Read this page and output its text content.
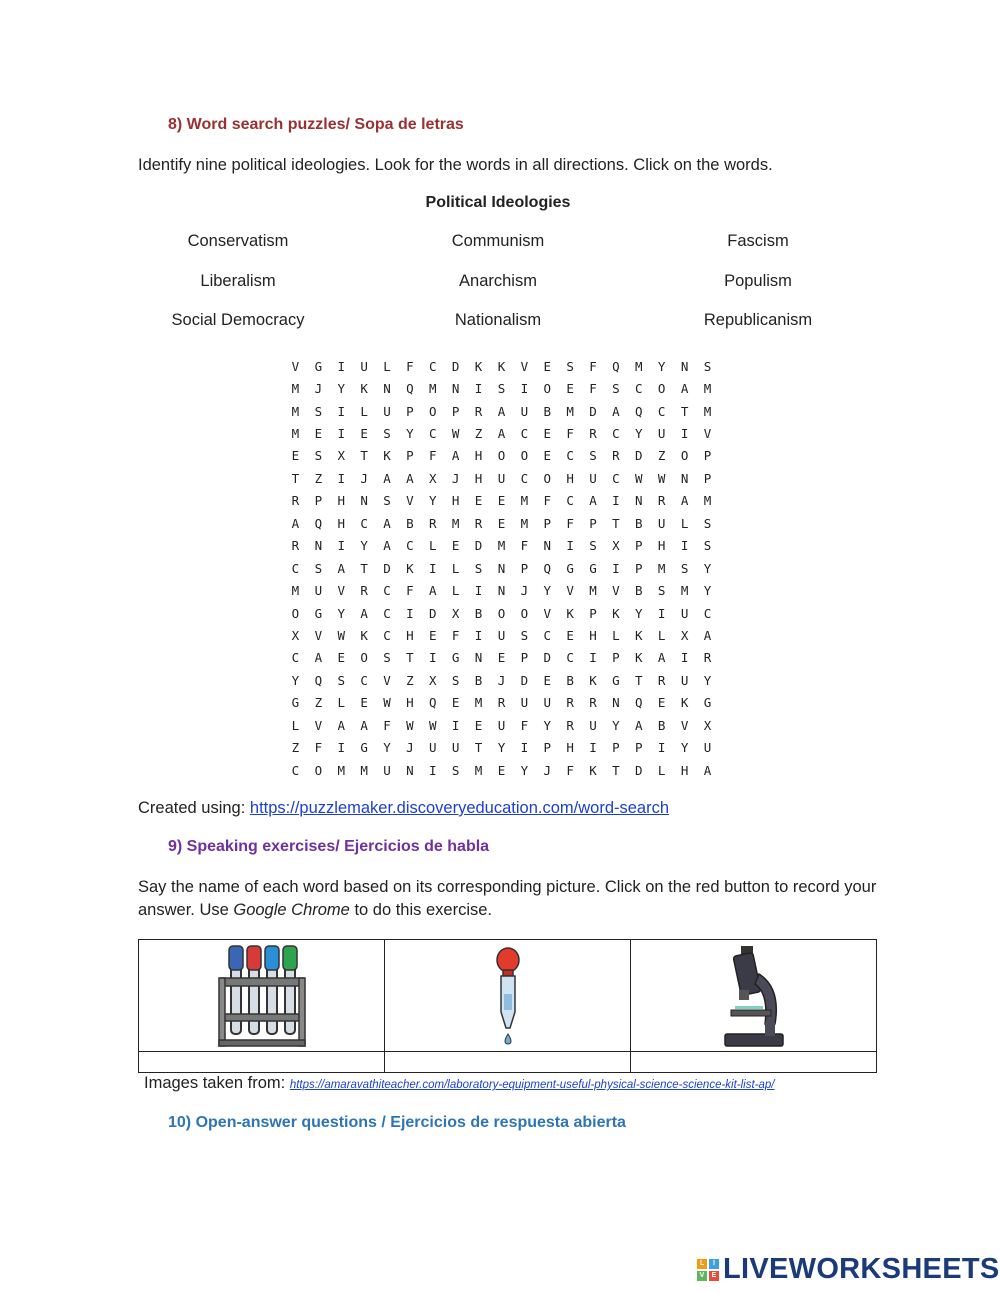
8) Word search puzzles/ Sopa de letras
Identify nine political ideologies. Look for the words in all directions. Click on the words.
Political Ideologies
Conservatism	Communism	Fascism
Liberalism	Anarchism	Populism
Social Democracy	Nationalism	Republicanism
V	G	I	U	L	F	C	D	K	K	V	E	S	F	Q	M	Y	N	S
M	J	Y	K	N	Q	M	N	I	S	I	O	E	F	S	C	O	A	M
M	S	I	L	U	P	O	P	R	A	U	B	M	D	A	Q	C	T	M
M	E	I	E	S	Y	C	W	Z	A	C	E	F	R	C	Y	U	I	V
E	S	X	T	K	P	F	A	H	O	O	E	C	S	R	D	Z	O	P
T	Z	I	J	A	A	X	J	H	U	C	O	H	U	C	W	W	N	P
R	P	H	N	S	V	Y	H	E	E	M	F	C	A	I	N	R	A	M
A	Q	H	C	A	B	R	M	R	E	M	P	F	P	T	B	U	L	S
R	N	I	Y	A	C	L	E	D	M	F	N	I	S	X	P	H	I	S
C	S	A	T	D	K	I	L	S	N	P	Q	G	G	I	P	M	S	Y
M	U	V	R	C	F	A	L	I	N	J	Y	V	M	V	B	S	M	Y
O	G	Y	A	C	I	D	X	B	O	O	V	K	P	K	Y	I	U	C
X	V	W	K	C	H	E	F	I	U	S	C	E	H	L	K	L	X	A
C	A	E	O	S	T	I	G	N	E	P	D	C	I	P	K	A	I	R
Y	Q	S	C	V	Z	X	S	B	J	D	E	B	K	G	T	R	U	Y
G	Z	L	E	W	H	Q	E	M	R	U	U	R	R	N	Q	E	K	G
L	V	A	A	F	W	W	I	E	U	F	Y	R	U	Y	A	B	V	X
Z	F	I	G	Y	J	U	U	T	Y	I	P	H	I	P	P	I	Y	U
C	O	M	M	U	N	I	S	M	E	Y	J	F	K	T	D	L	H	A
Created using: https://puzzlemaker.discoveryeducation.com/word-search
9) Speaking exercises/ Ejercicios de habla
Say the name of each word based on its corresponding picture. Click on the red button to record your answer. Use Google Chrome to do this exercise.

Images taken from: https://amaravathiteacher.com/laboratory-equipment-useful-physical-science-science-kit-list-ap/
10) Open-answer questions / Ejercicios de respuesta abierta
L	I
V	E LIVEWORKSHEETS
